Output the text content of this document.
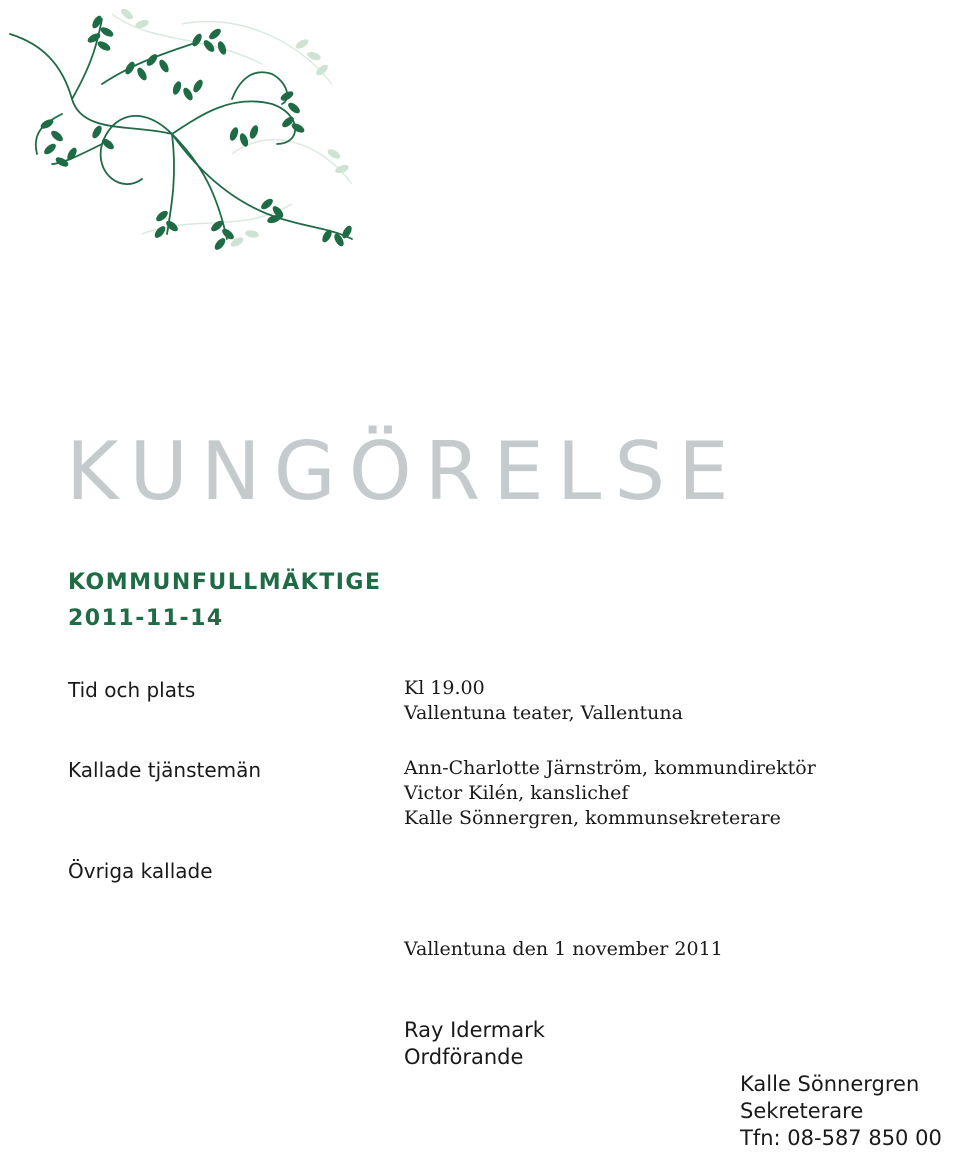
KUNGÖRELSE
KOMMUNFULLMÄKTIGE
2011-11-14
Tid och plats	Kl 19.00
Vallentuna teater, Vallentuna
Kallade tjänstemän	Ann-Charlotte Järnström, kommundirektör
Victor Kilén, kanslichef
Kalle Sönnergren, kommunsekreterare
Övriga kallade
Vallentuna den 1 november 2011
Ray Idermark
Ordförande
Kalle Sönnergren
Sekreterare
Tfn: 08-587 850 00
